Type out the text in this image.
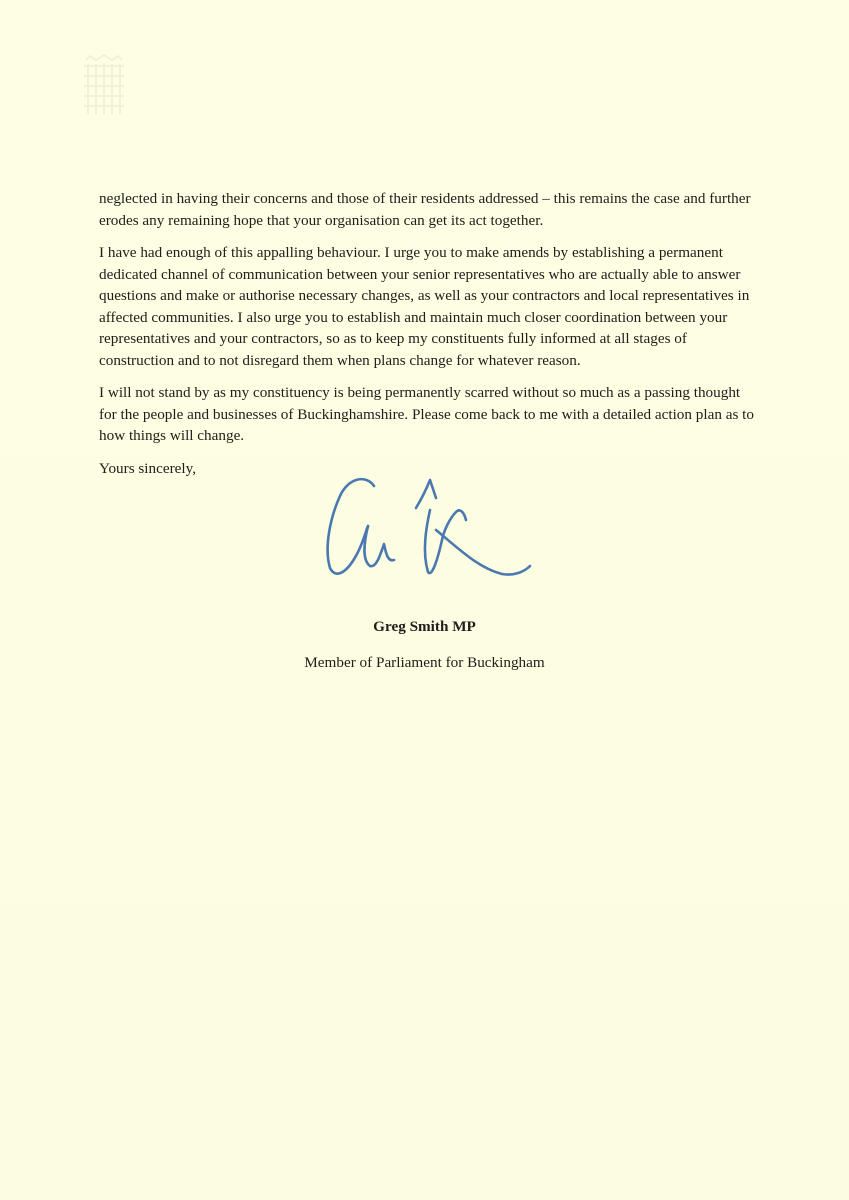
neglected in having their concerns and those of their residents addressed – this remains the case and further erodes any remaining hope that your organisation can get its act together.

I have had enough of this appalling behaviour. I urge you to make amends by establishing a permanent dedicated channel of communication between your senior representatives who are actually able to answer questions and make or authorise necessary changes, as well as your contractors and local representatives in affected communities. I also urge you to establish and maintain much closer coordination between your representatives and your contractors, so as to keep my constituents fully informed at all stages of construction and to not disregard them when plans change for whatever reason.

I will not stand by as my constituency is being permanently scarred without so much as a passing thought for the people and businesses of Buckinghamshire. Please come back to me with a detailed action plan as to how things will change.

Yours sincerely,

Greg Smith MP
Member of Parliament for Buckingham
